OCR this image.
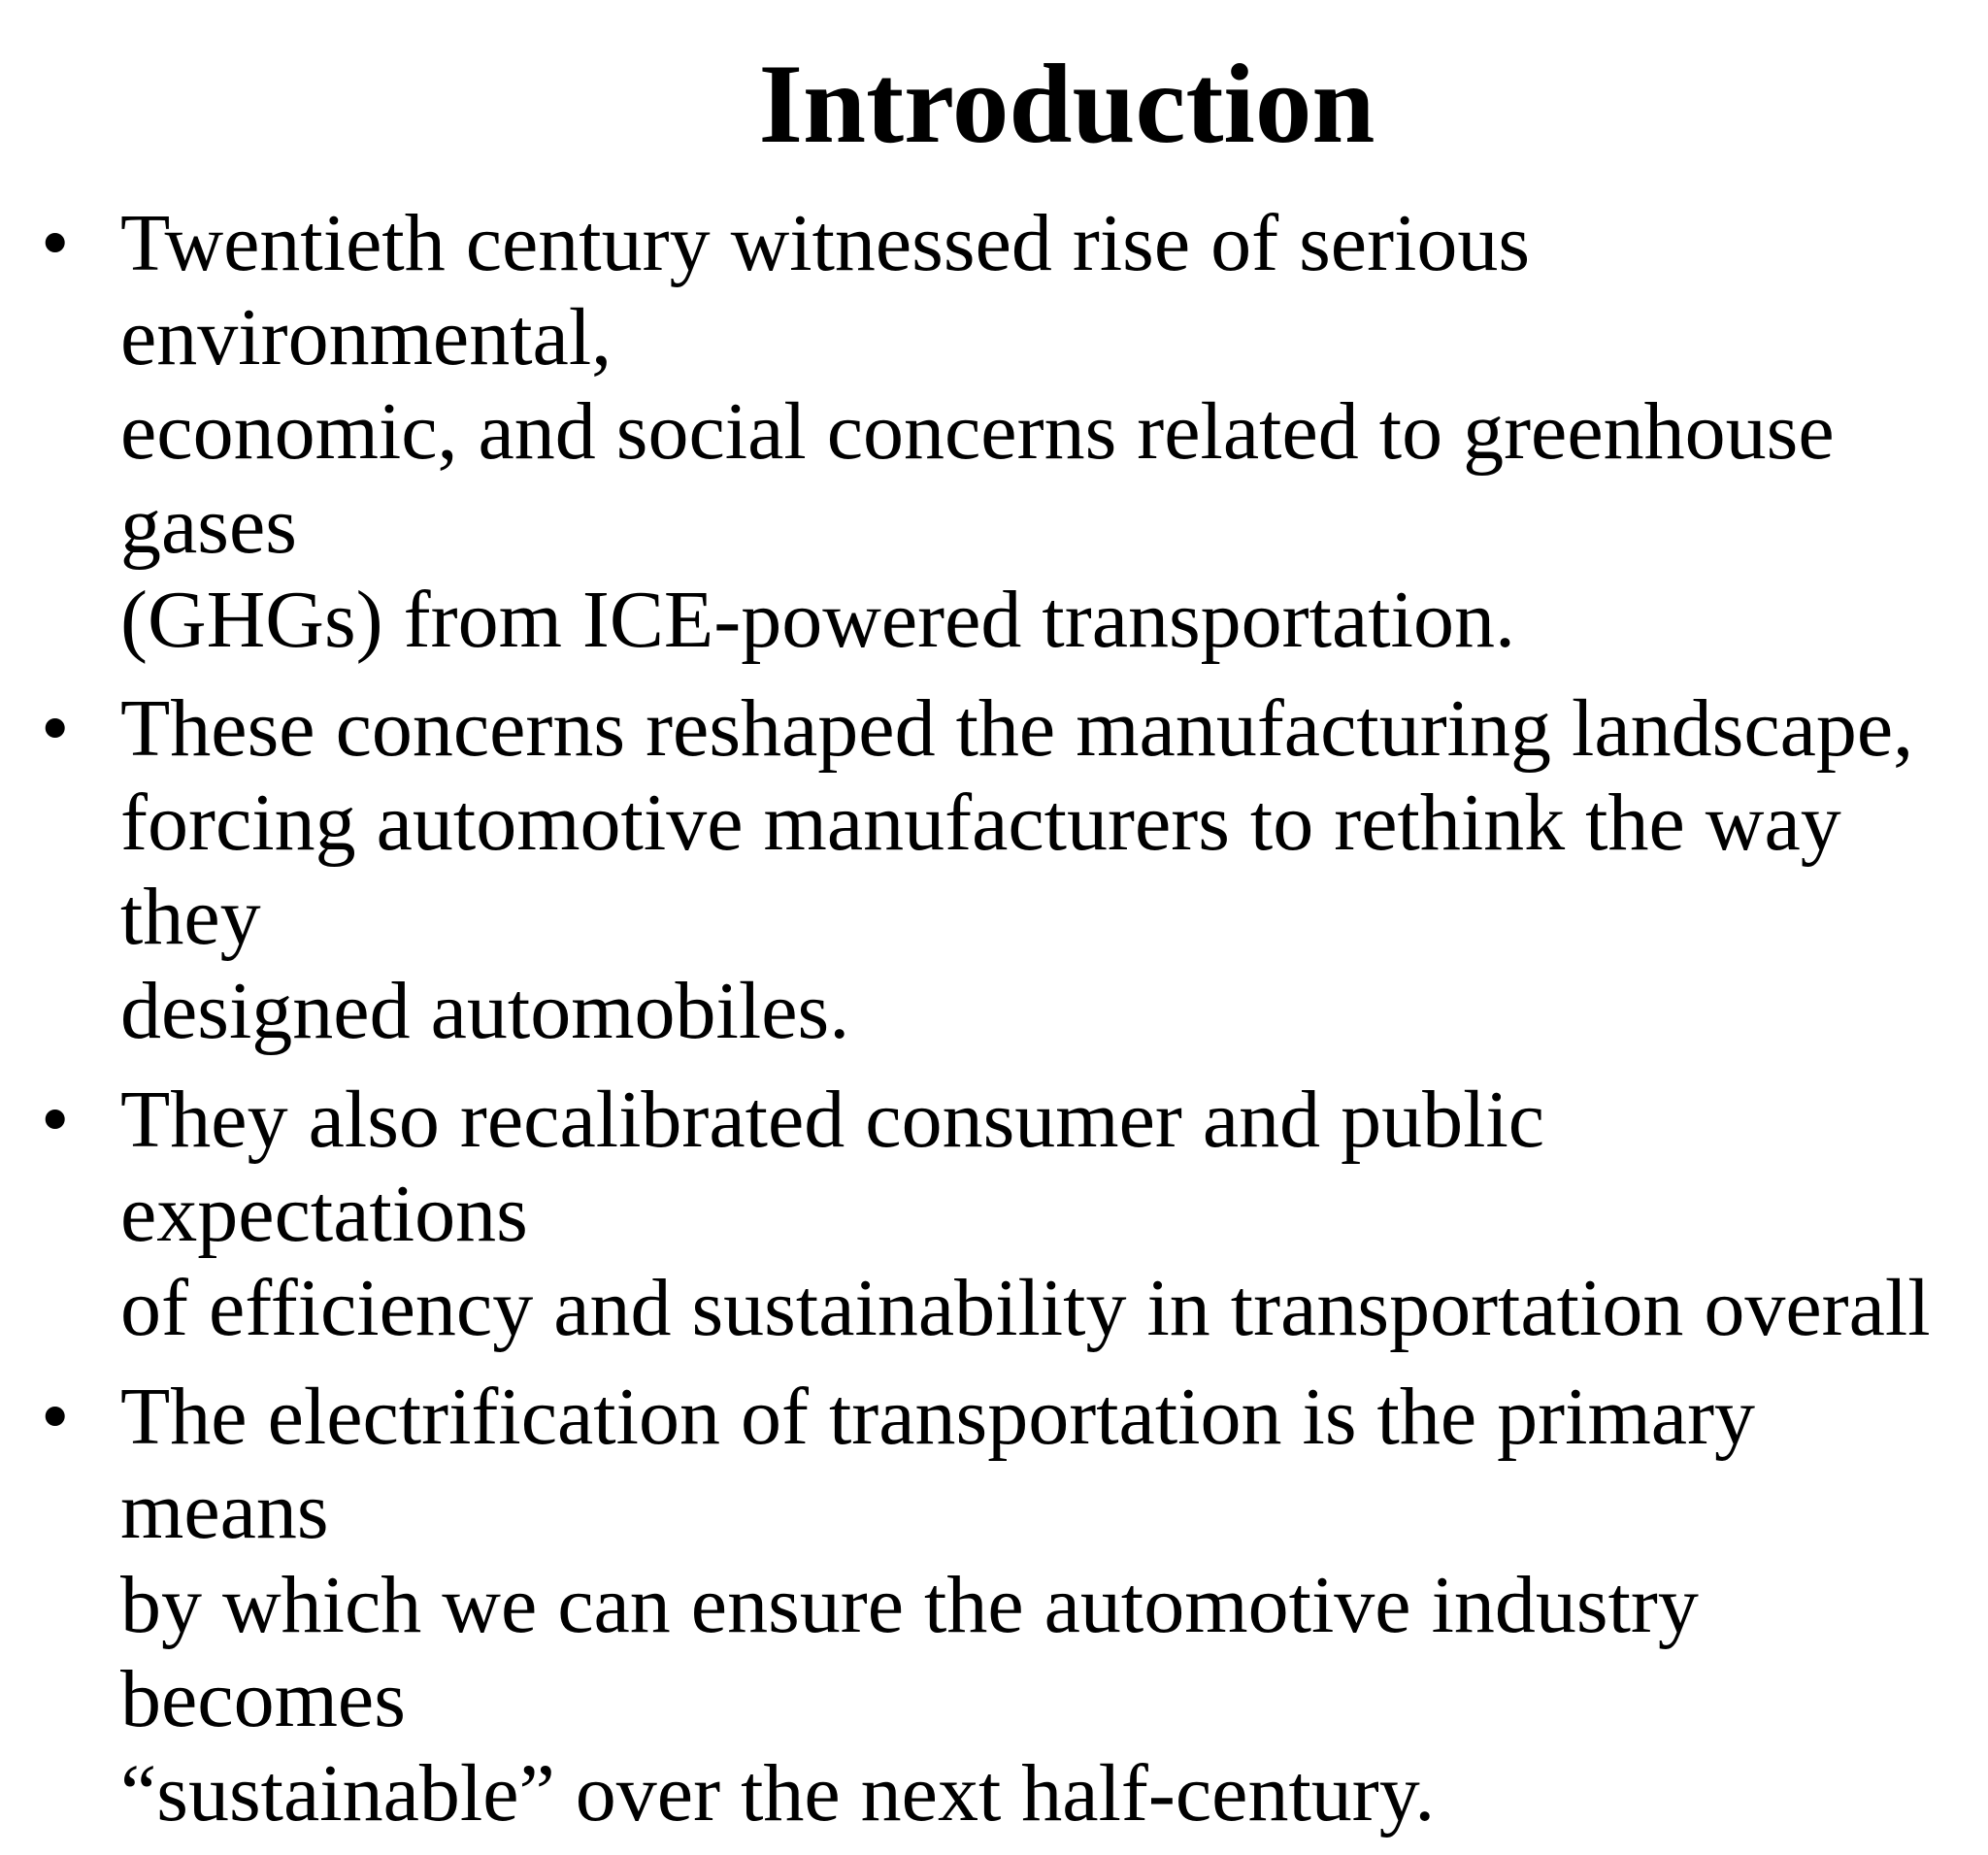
Introduction
• Twentieth century witnessed rise of serious environmental,
economic, and social concerns related to greenhouse gases
(GHGs) from ICE-powered transportation.
• These concerns reshaped the manufacturing landscape,
forcing automotive manufacturers to rethink the way they
designed automobiles.
• They also recalibrated consumer and public expectations
of efficiency and sustainability in transportation overall
• The electrification of transportation is the primary means
by which we can ensure the automotive industry becomes
“sustainable” over the next half-century.
